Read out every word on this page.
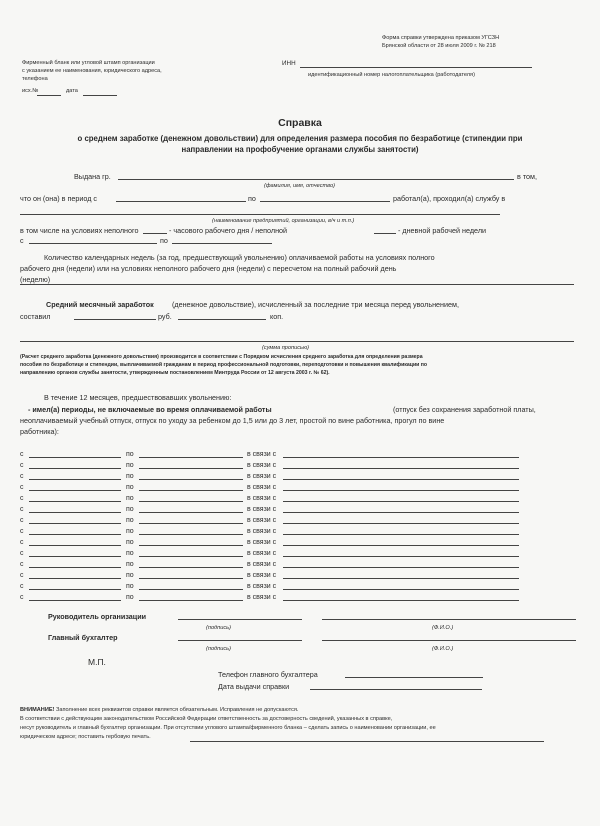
Форма справки утверждена приказом УГСЗН
Брянской области от 28 июля 2009 г. № 218
Фирменный бланк или угловой штамп организации
с указанием ее наименования, юридического адреса,
телефона
исх.№	дата
ИНН
идентификационный номер налогоплательщика (работодателя)
Справка
о среднем заработке (денежном довольствии) для определения размера пособия по безработице (стипендии при
направлении на профобучение органами службы занятости)
Выдана гр.	в том,
(фамилия, имя, отчество)
что он (она) в период с	по	работал(а), проходил(а) службу в
(наименование предприятий, организации, в/ч и т.п.)
в том числе на условиях неполного	- часового рабочего дня / неполной	- дневной рабочей недели
с	по
Количество календарных недель (за год, предшествующий увольнению) оплачиваемой работы на условиях полного
рабочего дня (недели) или на условиях неполного рабочего дня (недели) с пересчетом на полный рабочий день
(неделю)
Средний месячный заработок	(денежное довольствие), исчисленный за последние три месяца перед увольнением,
составил	руб.	коп.
(сумма прописью)
(Расчет среднего заработка (денежного довольствия) производится в соответствии с Порядком исчисления среднего заработка для определения размера
пособия по безработице и стипендии, выплачиваемой гражданам в период профессиональной подготовки, переподготовки и повышения квалификации по
направлению органов службы занятости, утвержденным постановлением Минтруда России от 12 августа 2003 г. № 62).
В течение 12 месяцев, предшествовавших увольнению:
- имел(а) периоды, не включаемые во время оплачиваемой работы	(отпуск без сохранения заработной платы,
неоплачиваемый учебный отпуск, отпуск по уходу за ребенком до 1,5 или до 3 лет, простой по вине работника, прогул по вине
работника):
с	по	в связи с
с	по	в связи с
с	по	в связи с
с	по	в связи с
с	по	в связи с
с	по	в связи с
с	по	в связи с
с	по	в связи с
с	по	в связи с
с	по	в связи с
с	по	в связи с
с	по	в связи с
с	по	в связи с
с	по	в связи с
Руководитель организации
(подпись)	(Ф.И.О.)
Главный бухгалтер
(подпись)	(Ф.И.О.)
М.П.
Телефон главного бухгалтера
Дата выдачи справки
ВНИМАНИЕ! Заполнение всех реквизитов справки является обязательным. Исправления не допускаются.
В соответствии с действующим законодательством Российской Федерации ответственность за достоверность сведений, указанных в справке,
несут руководитель и главный бухгалтер организации. При отсутствии углового штампа/фирменного бланка – сделать запись о наименовании организации, ее
юридическом адресе; поставить гербовую печать.
